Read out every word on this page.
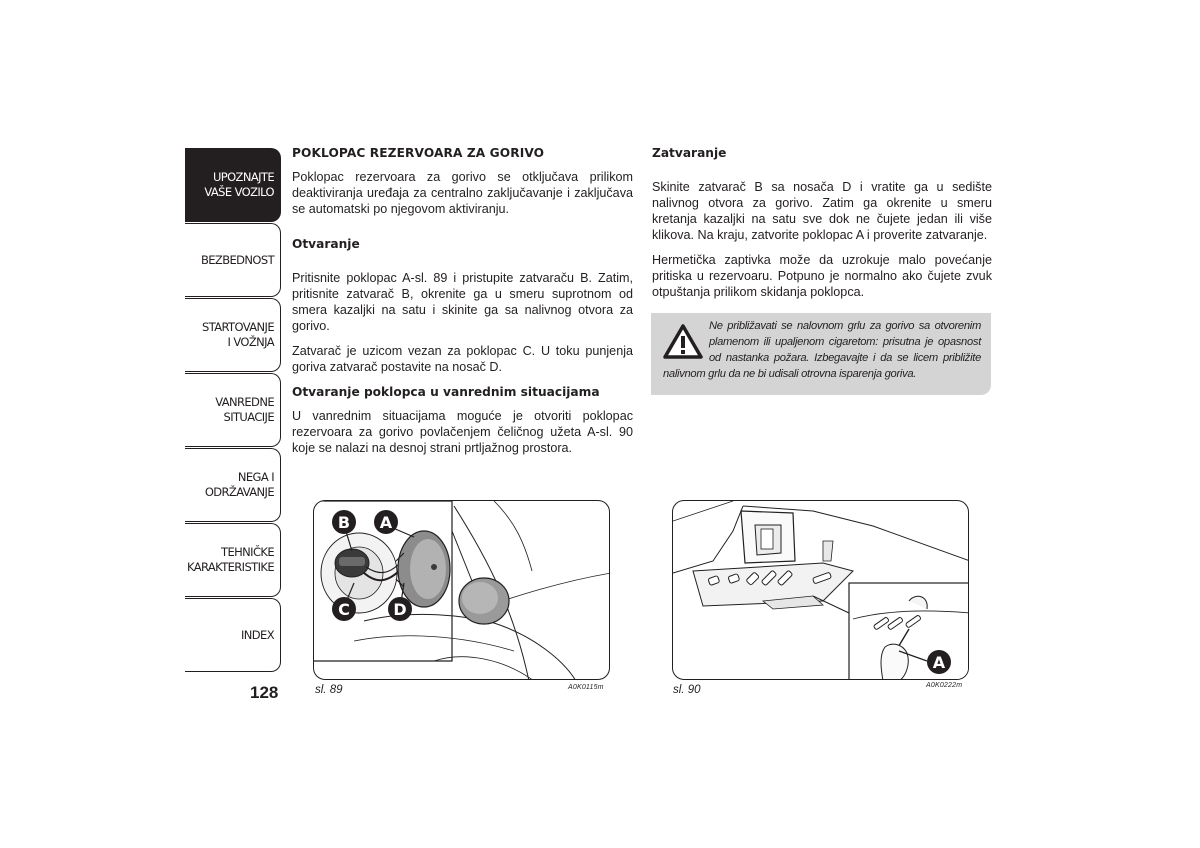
UPOZNAJTE
VAŠE VOZILO
BEZBEDNOST
STARTOVANJE
I VOŽNJA
VANREDNE
SITUACIJE
NEGA I
ODRŽAVANJE
TEHNIČKE
KARAKTERISTIKE
INDEX
128
POKLOPAC REZERVOARA ZA GORIVO

Poklopac rezervoara za gorivo se otključava prilikom deaktiviranja uređaja za centralno zaključavanje i zaključava se automatski po njegovom aktiviranju.

Otvaranje

Pritisnite poklopac A-sl. 89 i pristupite zatvaraču B. Zatim, pritisnite zatvarač B, okrenite ga u smeru suprotnom od smera kazaljki na satu i skinite ga sa nalivnog otvora za gorivo.

Zatvarač je uzicom vezan za poklopac C. U toku punjenja goriva zatvarač postavite na nosač D.

Otvaranje poklopca u vanrednim situacijama

U vanrednim situacijama moguće je otvoriti poklopac rezervoara za gorivo povlačenjem čeličnog užeta A-sl. 90 koje se nalazi na desnoj strani prtljažnog prostora.

Zatvaranje

Skinite zatvarač B sa nosača D i vratite ga u sedište nalivnog otvora za gorivo. Zatim ga okrenite u smeru kretanja kazaljki na satu sve dok ne čujete jedan ili više klikova. Na kraju, zatvorite poklopac A i proverite zatvaranje.

Hermetička zaptivka može da uzrokuje malo povećanje pritiska u rezervoaru. Potpuno je normalno ako čujete zvuk otpuštanja prilikom skidanja poklopca.

Ne približavati se nalovnom grlu za gorivo sa otvorenim plamenom ili upaljenom cigaretom: prisutna je opasnost od nastanka požara. Izbegavajte i da se licem približite nalivnom grlu da ne bi udisali otrovna isparenja goriva.
B A
C	D
sl. 89	A0K0115m
A
sl. 90	A0K0222m
